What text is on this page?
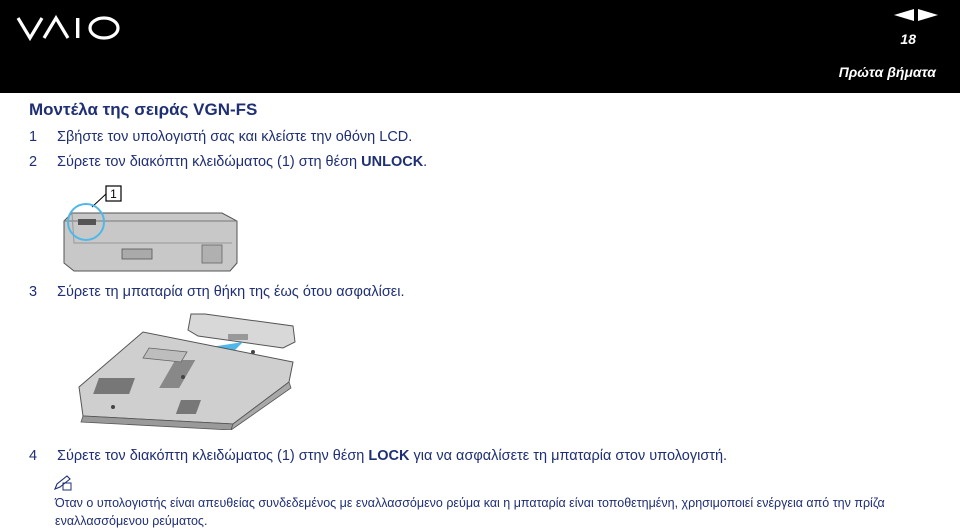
18
Πρώτα βήματα
Μοντέλα της σειράς VGN-FS
1 Σβήστε τον υπολογιστή σας και κλείστε την οθόνη LCD.
2 Σύρετε τον διακόπτη κλειδώματος (1) στη θέση UNLOCK.
1
3 Σύρετε τη μπαταρία στη θήκη της έως ότου ασφαλίσει.
4 Σύρετε τον διακόπτη κλειδώματος (1) στην θέση LOCK για να ασφαλίσετε τη μπαταρία στον υπολογιστή.
Όταν ο υπολογιστής είναι απευθείας συνδεδεμένος με εναλλασσόμενο ρεύμα και η μπαταρία είναι τοποθετημένη, χρησιμοποιεί ενέργεια από την πρίζα εναλλασσόμενου ρεύματος.
